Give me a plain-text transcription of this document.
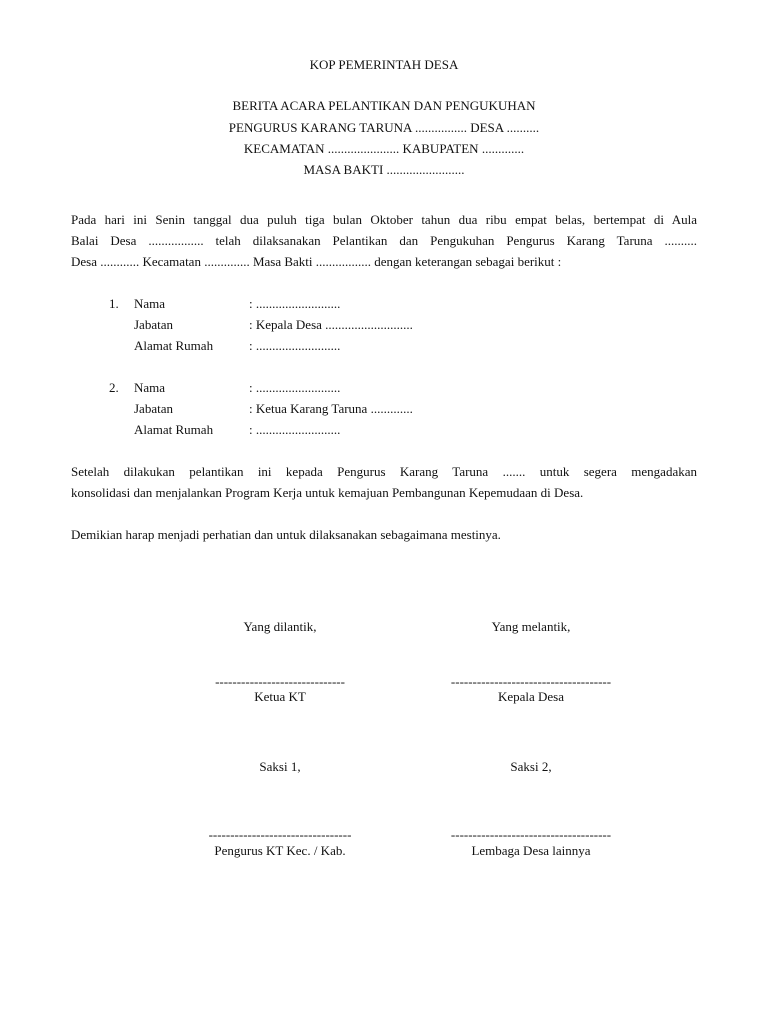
KOP PEMERINTAH DESA
BERITA ACARA PELANTIKAN DAN PENGUKUHAN
PENGURUS KARANG TARUNA ................ DESA ..........
KECAMATAN ...................... KABUPATEN .............
MASA BAKTI ........................
Pada hari ini Senin tanggal dua puluh tiga bulan Oktober tahun dua ribu empat belas, bertempat di Aula
Balai Desa ................. telah dilaksanakan Pelantikan dan Pengukuhan Pengurus Karang Taruna ..........
Desa ............ Kecamatan .............. Masa Bakti ................. dengan keterangan sebagai berikut :
1. Nama	: ..........................
Jabatan	: Kepala Desa ...........................
Alamat Rumah	: ..........................
2. Nama	: ..........................
Jabatan	: Ketua Karang Taruna .............
Alamat Rumah	: ..........................
Setelah dilakukan pelantikan ini kepada Pengurus Karang Taruna ....... untuk segera mengadakan
konsolidasi dan menjalankan Program Kerja untuk kemajuan Pembangunan Kepemudaan di Desa.
Demikian harap menjadi perhatian dan untuk dilaksanakan sebagaimana mestinya.
Yang dilantik,
------------------------------
Ketua KT
Yang melantik,
-------------------------------------
Kepala Desa
Saksi 1,
---------------------------------
Pengurus KT Kec. / Kab.
Saksi 2,
-------------------------------------
Lembaga Desa lainnya
